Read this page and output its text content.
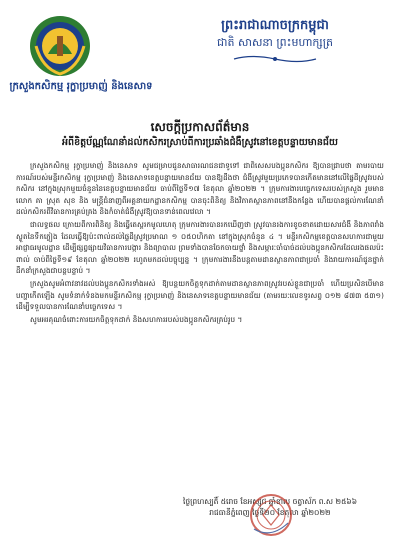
ក្រសួងកសិកម្ម រុក្ខាប្រមាញ់ និងនេសាទ
ព្រះរាជាណាចក្រកម្ពុជា
ជាតិ សាសនា ព្រះមហាក្សត្រ
សេចក្តីប្រកាសព័ត៌មាន
អំពីខិត្តប័ណ្ណណែនាំដល់កសិករស្រាប់ពីការប្រឆាំងជំងឺស្រូវនៅខេត្តបន្ទាយមានជ័យ

ក្រសួងកសិកម្ម រុក្ខាប្រមាញ់ និងនេសាទ សូមជម្រាបជូនសាធារណជនជាទូទៅ ជាពិសេសបងប្អូនកសិករ ឱ្យបានជ្រាបថា តាមរបាយការណ៍របស់មន្ទីរកសិកម្ម រុក្ខាប្រមាញ់ និងនេសាទខេត្តបន្ទាយមានជ័យ បានឱ្យដឹងថា ជំងឺស្រូវមួយប្រភេទបានកើតមាននៅលើផ្ទៃដីស្រូវរបស់កសិករ នៅក្នុងស្រុកមួយចំនួននៃខេត្តបន្ទាយមានជ័យ ចាប់ពីថ្ងៃទី១៧ ខែតុលា ឆ្នាំ២០២២ ។ ក្រុមការងារបច្ចេកទេសរបស់ក្រសួង រួមមាន លោក គា ស្រុត សុខ និង មន្ត្រីជំនាញពីអគ្គនាយកដ្ឋានកសិកម្ម បានចុះពិនិត្យ និងវិភាគស្ថានភាពនៅនឹងកន្លែង ហើយបានផ្តល់ការណែនាំដល់កសិករពីវិធានការគ្រប់គ្រង និងកំចាត់ជំងឺស្រូវឱ្យបានទាន់ពេលវេលា ។

ជាលទ្ធផល ក្រោយពីការពិនិត្យ និងធ្វើតេស្តរកមូលហេតុ ក្រុមការងារបានរកឃើញថា ស្រូវបានរងការខូចខាតដោយសារជំងឺ និងភាពរាំងស្ងួតនៃទឹកភ្លៀង ដែលធ្វើឱ្យប៉ះពាល់ដល់ផ្ទៃដីស្រូវប្រមាណ ១ ០៥០ហិកតា នៅក្នុងស្រុកចំនួន ៤ ។ មន្ទីរកសិកម្មខេត្តបានសហការជាមួយអាជ្ញាធរមូលដ្ឋាន ដើម្បីផ្សព្វផ្សាយវិធានការបង្ការ និងព្យាបាល ព្រមទាំងបានចែកចាយថ្នាំ និងសម្ភារៈចាំបាច់ដល់បងប្អូនកសិករដែលរងផលប៉ះពាល់ ចាប់ពីថ្ងៃទី១៩ ខែតុលា ឆ្នាំ២០២២ រហូតមកដល់បច្ចុប្បន្ន ។ ក្រុមការងារនឹងបន្តតាមដានស្ថានភាពជាប្រចាំ និងរាយការណ៍ជូនថ្នាក់ដឹកនាំក្រសួងជាបន្តបន្ទាប់ ។

ក្រសួងសូមអំពាវនាវដល់បងប្អូនកសិករទាំងអស់ ឱ្យបន្តយកចិត្តទុកដាក់តាមដានស្ថានភាពស្រូវរបស់ខ្លួនជាប្រចាំ ហើយប្រសិនបើមានបញ្ហាកើតឡើង សូមទំនាក់ទំនងមកមន្ទីរកសិកម្ម រុក្ខាប្រមាញ់ និងនេសាទខេត្តបន្ទាយមានជ័យ (តាមរយៈលេខទូរសព្ទ ០១២ ៨៧៣ ៥៣១) ដើម្បីទទួលបានការណែនាំបច្ចេកទេស ។

សូមអរគុណចំពោះការយកចិត្តទុកដាក់ និងសហការរបស់បងប្អូនកសិករគ្រប់រូប ។

ថ្ងៃព្រហស្បតិ៍ ៥រោច ខែអស្សុជ ឆ្នាំខាល ចត្វាស័ក ព.ស ២៥៦៦
រាជធានីភ្នំពេញ ថ្ងៃទី២០ ខែតុលា ឆ្នាំ២០២២
